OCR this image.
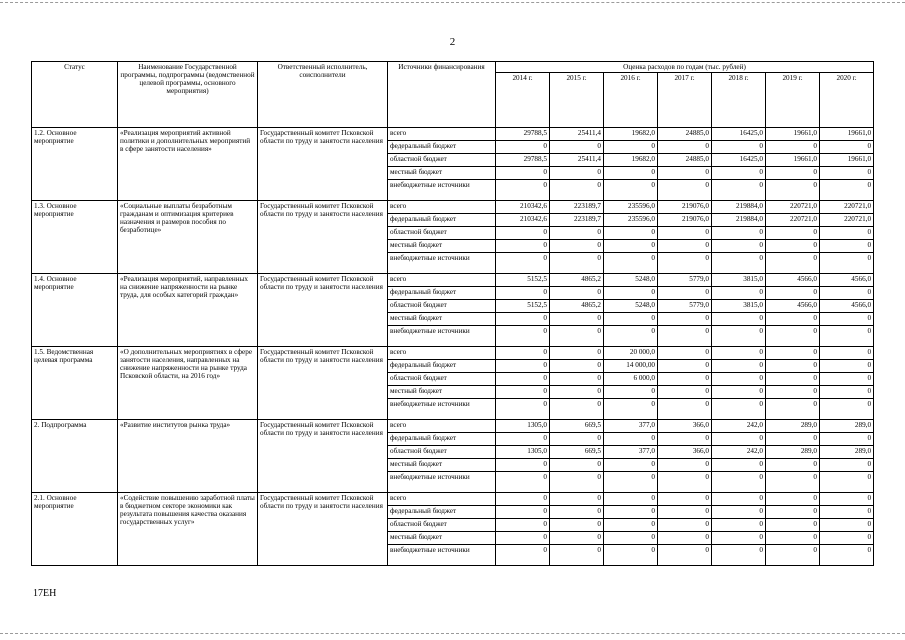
2
Статус	Наименование Государственной программы, подпрограммы (ведомственной целевой программы, основного мероприятия)	Ответственный исполнитель, соисполнители	Источники финансирования	Оценка расходов по годам (тыс. рублей)						
				2014 г.	2015 г.	2016 г.	2017 г.	2018 г.	2019 г.	2020 г.
1.2. Основное мероприятие	«Реализация мероприятий активной политики и дополнительных мероприятий в сфере занятости населения»	Государственный комитет Псковской области по труду и занятости населения	всего	29788,5	25411,4	19682,0	24885,0	16425,0	19661,0	19661,0
			федеральный бюджет	0	0	0	0	0	0	0
			областной бюджет	29788,5	25411,4	19682,0	24885,0	16425,0	19661,0	19661,0
			местный бюджет	0	0	0	0	0	0	0
			внебюджетные источники	0	0	0	0	0	0	0
1.3. Основное мероприятие	«Социальные выплаты безработным гражданам и оптимизация критериев назначения и размеров пособия по безработице»	Государственный комитет Псковской области по труду и занятости населения	всего	210342,6	223189,7	235596,0	219076,0	219884,0	220721,0	220721,0
			федеральный бюджет	210342,6	223189,7	235596,0	219076,0	219884,0	220721,0	220721,0
			областной бюджет	0	0	0	0	0	0	0
			местный бюджет	0	0	0	0	0	0	0
			внебюджетные источники	0	0	0	0	0	0	0
1.4. Основное мероприятие	«Реализация мероприятий, направленных на снижение напряженности на рынке труда, для особых категорий граждан»	Государственный комитет Псковской области по труду и занятости населения	всего	5152,5	4865,2	5248,0	5779,0	3815,0	4566,0	4566,0
			федеральный бюджет	0	0	0	0	0	0	0
			областной бюджет	5152,5	4865,2	5248,0	5779,0	3815,0	4566,0	4566,0
			местный бюджет	0	0	0	0	0	0	0
			внебюджетные источники	0	0	0	0	0	0	0
1.5. Ведомственная целевая программа	«О дополнительных мероприятиях в сфере занятости населения, направленных на снижение напряженности на рынке труда Псковской области, на 2016 год»	Государственный комитет Псковской области по труду и занятости населения	всего	0	0	20 000,0	0	0	0	0
			федеральный бюджет	0	0	14 000,00	0	0	0	0
			областной бюджет	0	0	6 000,0	0	0	0	0
			местный бюджет	0	0	0	0	0	0	0
			внебюджетные источники	0	0	0	0	0	0	0
2. Подпрограмма	«Развитие институтов рынка труда»	Государственный комитет Псковской области по труду и занятости населения	всего	1305,0	669,5	377,0	366,0	242,0	289,0	289,0
			федеральный бюджет	0	0	0	0	0	0	0
			областной бюджет	1305,0	669,5	377,0	366,0	242,0	289,0	289,0
			местный бюджет	0	0	0	0	0	0	0
			внебюджетные источники	0	0	0	0	0	0	0
2.1. Основное мероприятие	«Содействие повышению заработной платы в бюджетном секторе экономики как результата повышения качества оказания государственных услуг»	Государственный комитет Псковской области по труду и занятости населения	всего	0	0	0	0	0	0	0
			федеральный бюджет	0	0	0	0	0	0	0
			областной бюджет	0	0	0	0	0	0	0
			местный бюджет	0	0	0	0	0	0	0
			внебюджетные источники	0	0	0	0	0	0	0
17ЕН
